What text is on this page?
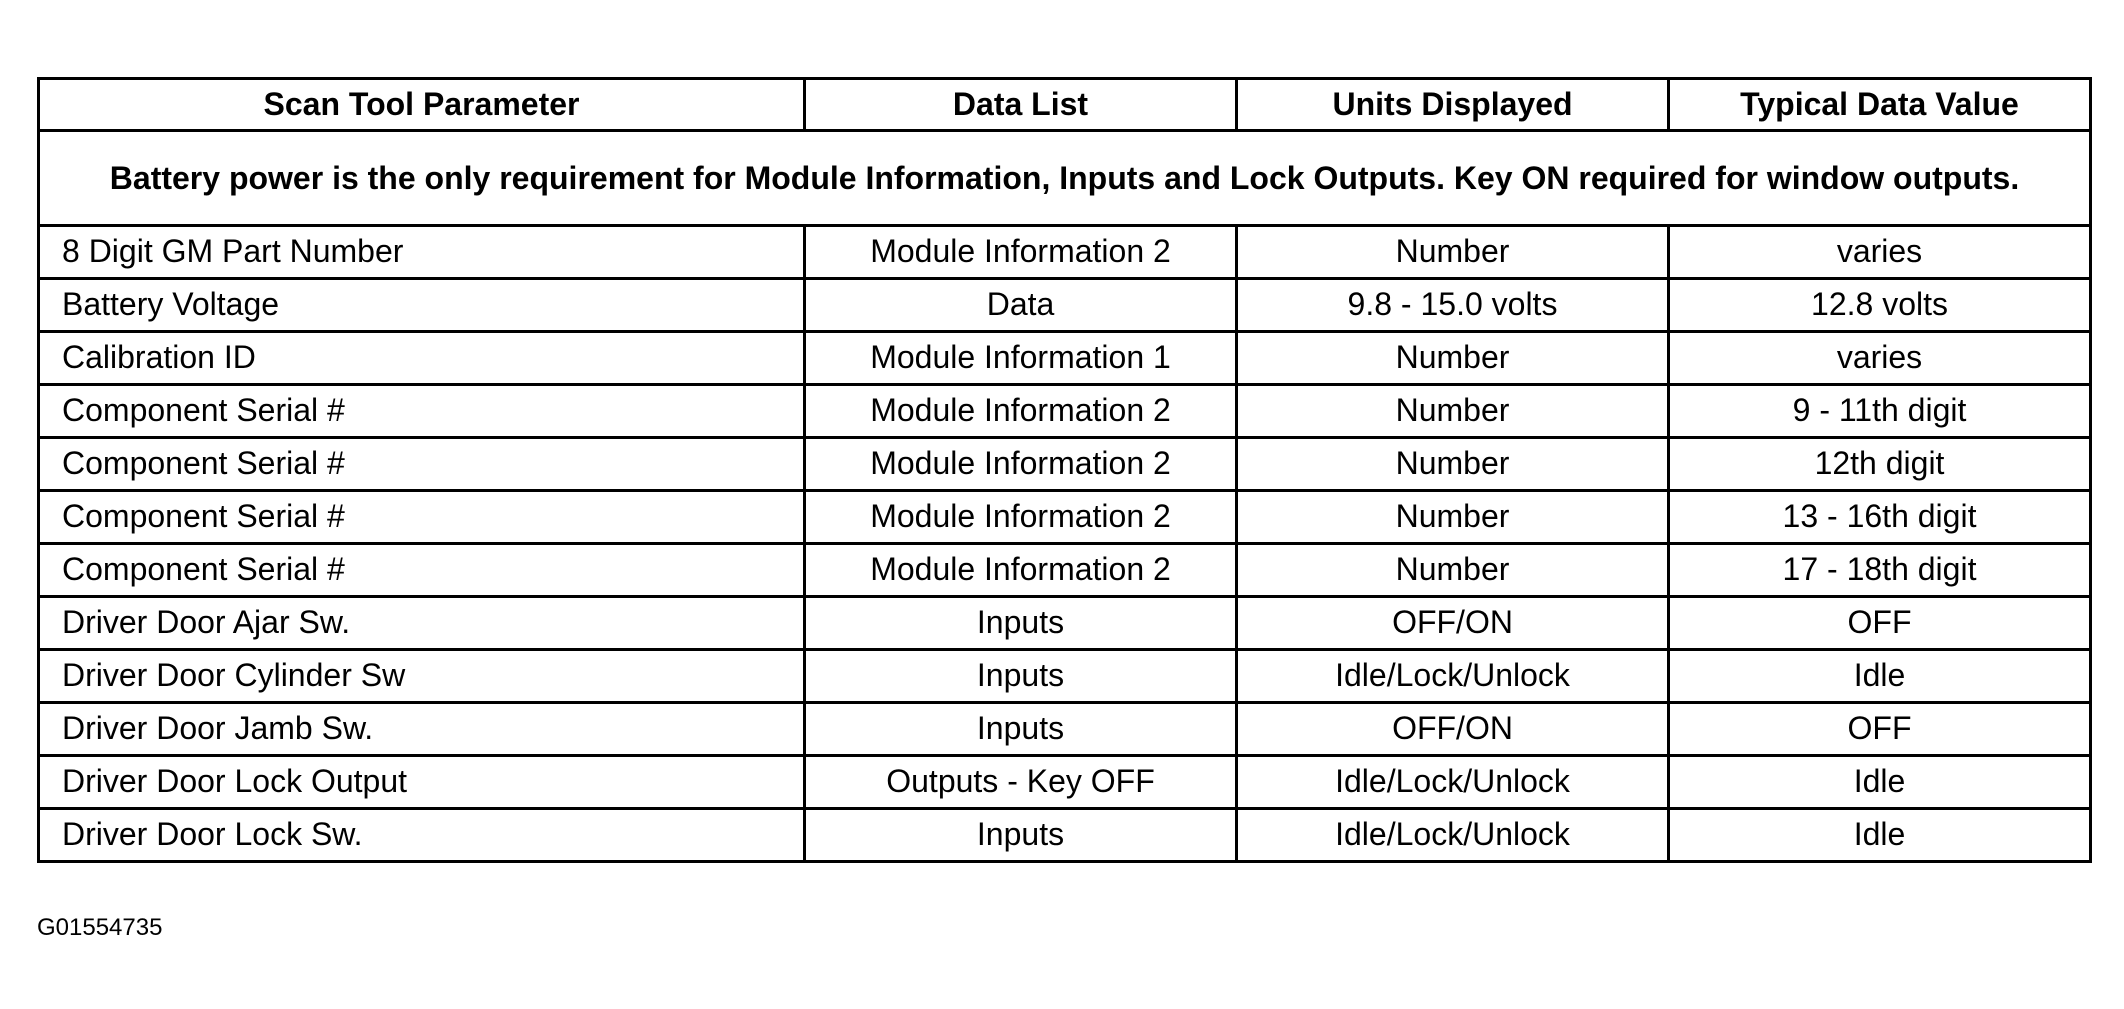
Scan Tool Parameter	Data List	Units Displayed	Typical Data Value
Battery power is the only requirement for Module Information, Inputs and Lock Outputs. Key ON required for window outputs.			
8 Digit GM Part Number	Module Information 2	Number	varies
Battery Voltage	Data	9.8 - 15.0 volts	12.8 volts
Calibration ID	Module Information 1	Number	varies
Component Serial #	Module Information 2	Number	9 - 11th digit
Component Serial #	Module Information 2	Number	12th digit
Component Serial #	Module Information 2	Number	13 - 16th digit
Component Serial #	Module Information 2	Number	17 - 18th digit
Driver Door Ajar Sw.	Inputs	OFF/ON	OFF
Driver Door Cylinder Sw	Inputs	Idle/Lock/Unlock	Idle
Driver Door Jamb Sw.	Inputs	OFF/ON	OFF
Driver Door Lock Output	Outputs - Key OFF	Idle/Lock/Unlock	Idle
Driver Door Lock Sw.	Inputs	Idle/Lock/Unlock	Idle
G01554735
